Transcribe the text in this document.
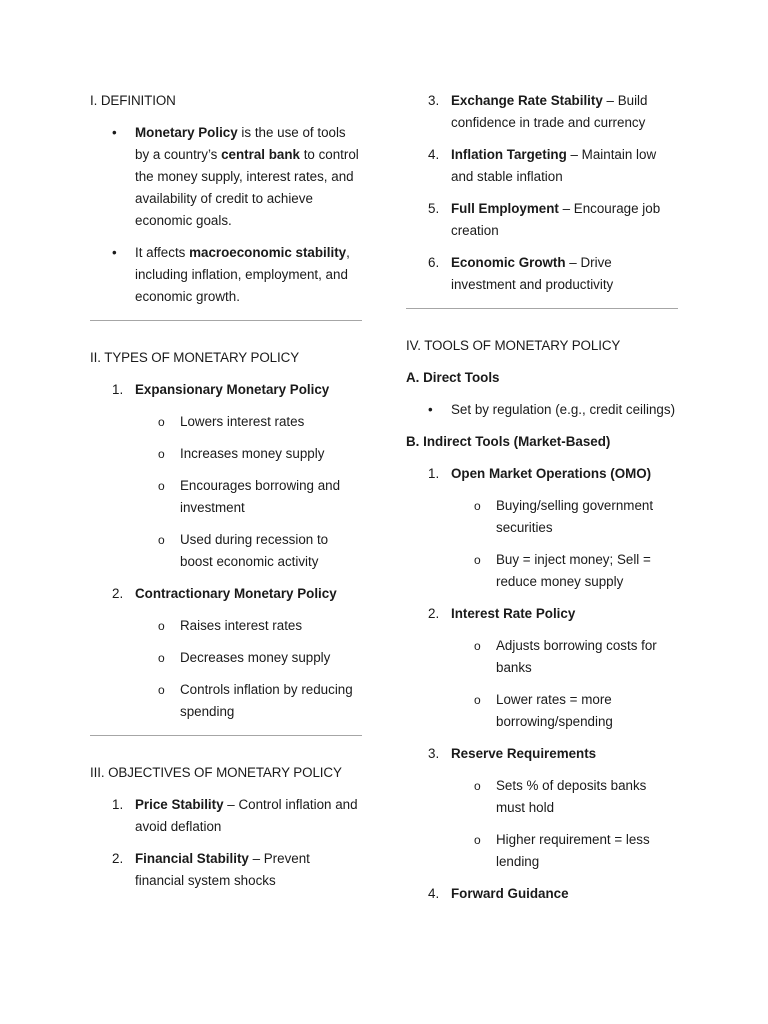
I. DEFINITION
• Monetary Policy is the use of tools by a country’s central bank to control the money supply, interest rates, and availability of credit to achieve economic goals.
• It affects macroeconomic stability, including inflation, employment, and economic growth.
II. TYPES OF MONETARY POLICY
1. Expansionary Monetary Policy
o Lowers interest rates
o Increases money supply
o Encourages borrowing and investment
o Used during recession to boost economic activity
2. Contractionary Monetary Policy
o Raises interest rates
o Decreases money supply
o Controls inflation by reducing spending
III. OBJECTIVES OF MONETARY POLICY
1. Price Stability – Control inflation and avoid deflation
2. Financial Stability – Prevent financial system shocks
3. Exchange Rate Stability – Build confidence in trade and currency
4. Inflation Targeting – Maintain low and stable inflation
5. Full Employment – Encourage job creation
6. Economic Growth – Drive investment and productivity
IV. TOOLS OF MONETARY POLICY
A. Direct Tools
• Set by regulation (e.g., credit ceilings)
B. Indirect Tools (Market-Based)
1. Open Market Operations (OMO)
o Buying/selling government securities
o Buy = inject money; Sell = reduce money supply
2. Interest Rate Policy
o Adjusts borrowing costs for banks
o Lower rates = more borrowing/spending
3. Reserve Requirements
o Sets % of deposits banks must hold
o Higher requirement = less lending
4. Forward Guidance
